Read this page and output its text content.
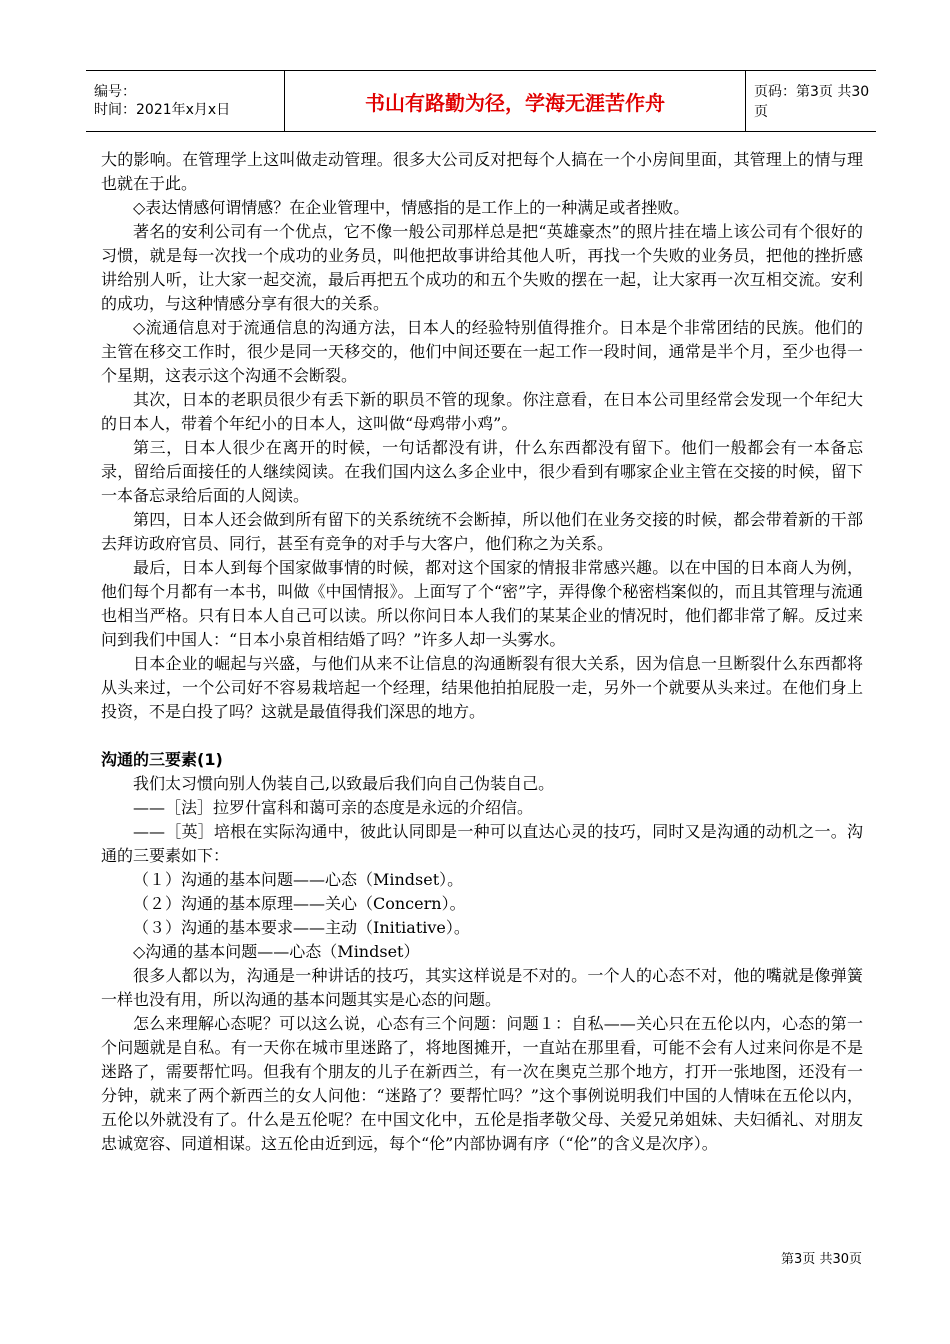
编号：
时间：2021年x月x日	书山有路勤为径，学海无涯苦作舟	页码：第3页 共30页

大的影响。在管理学上这叫做走动管理。很多大公司反对把每个人搞在一个小房间里面，其管理上的情与理也就在于此。

◇表达情感何谓情感？在企业管理中，情感指的是工作上的一种满足或者挫败。

著名的安利公司有一个优点，它不像一般公司那样总是把“英雄豪杰”的照片挂在墙上该公司有个很好的习惯，就是每一次找一个成功的业务员，叫他把故事讲给其他人听，再找一个失败的业务员，把他的挫折感讲给别人听，让大家一起交流，最后再把五个成功的和五个失败的摆在一起，让大家再一次互相交流。安利的成功，与这种情感分享有很大的关系。

◇流通信息对于流通信息的沟通方法，日本人的经验特别值得推介。日本是个非常团结的民族。他们的主管在移交工作时，很少是同一天移交的，他们中间还要在一起工作一段时间，通常是半个月，至少也得一个星期，这表示这个沟通不会断裂。

其次，日本的老职员很少有丢下新的职员不管的现象。你注意看，在日本公司里经常会发现一个年纪大的日本人，带着个年纪小的日本人，这叫做“母鸡带小鸡”。

第三，日本人很少在离开的时候，一句话都没有讲，什么东西都没有留下。他们一般都会有一本备忘录，留给后面接任的人继续阅读。在我们国内这么多企业中，很少看到有哪家企业主管在交接的时候，留下一本备忘录给后面的人阅读。

第四，日本人还会做到所有留下的关系统统不会断掉，所以他们在业务交接的时候，都会带着新的干部去拜访政府官员、同行，甚至有竞争的对手与大客户，他们称之为关系。

最后，日本人到每个国家做事情的时候，都对这个国家的情报非常感兴趣。以在中国的日本商人为例，他们每个月都有一本书，叫做《中国情报》。上面写了个“密”字，弄得像个秘密档案似的，而且其管理与流通也相当严格。只有日本人自己可以读。所以你问日本人我们的某某企业的情况时，他们都非常了解。反过来问到我们中国人：“日本小泉首相结婚了吗？”许多人却一头雾水。

日本企业的崛起与兴盛，与他们从来不让信息的沟通断裂有很大关系，因为信息一旦断裂什么东西都将从头来过，一个公司好不容易栽培起一个经理，结果他拍拍屁股一走，另外一个就要从头来过。在他们身上投资，不是白投了吗？这就是最值得我们深思的地方。

沟通的三要素(1)

我们太习惯向别人伪装自己,以致最后我们向自己伪装自己。

——［法］拉罗什富科和蔼可亲的态度是永远的介绍信。

——［英］培根在实际沟通中，彼此认同即是一种可以直达心灵的技巧，同时又是沟通的动机之一。沟通的三要素如下：

（１）沟通的基本问题——心态（Mindset）。

（２）沟通的基本原理——关心（Concern）。

（３）沟通的基本要求——主动（Initiative）。

◇沟通的基本问题——心态（Mindset）

很多人都以为，沟通是一种讲话的技巧，其实这样说是不对的。一个人的心态不对，他的嘴就是像弹簧一样也没有用，所以沟通的基本问题其实是心态的问题。

怎么来理解心态呢？可以这么说，心态有三个问题：问题１：自私——关心只在五伦以内，心态的第一个问题就是自私。有一天你在城市里迷路了，将地图摊开，一直站在那里看，可能不会有人过来问你是不是迷路了，需要帮忙吗。但我有个朋友的儿子在新西兰，有一次在奥克兰那个地方，打开一张地图，还没有一分钟，就来了两个新西兰的女人问他：“迷路了？要帮忙吗？”这个事例说明我们中国的人情味在五伦以内，五伦以外就没有了。什么是五伦呢？在中国文化中，五伦是指孝敬父母、关爱兄弟姐妹、夫妇循礼、对朋友忠诚宽容、同道相谋。这五伦由近到远，每个“伦”内部协调有序（“伦”的含义是次序）。

第3页 共30页
